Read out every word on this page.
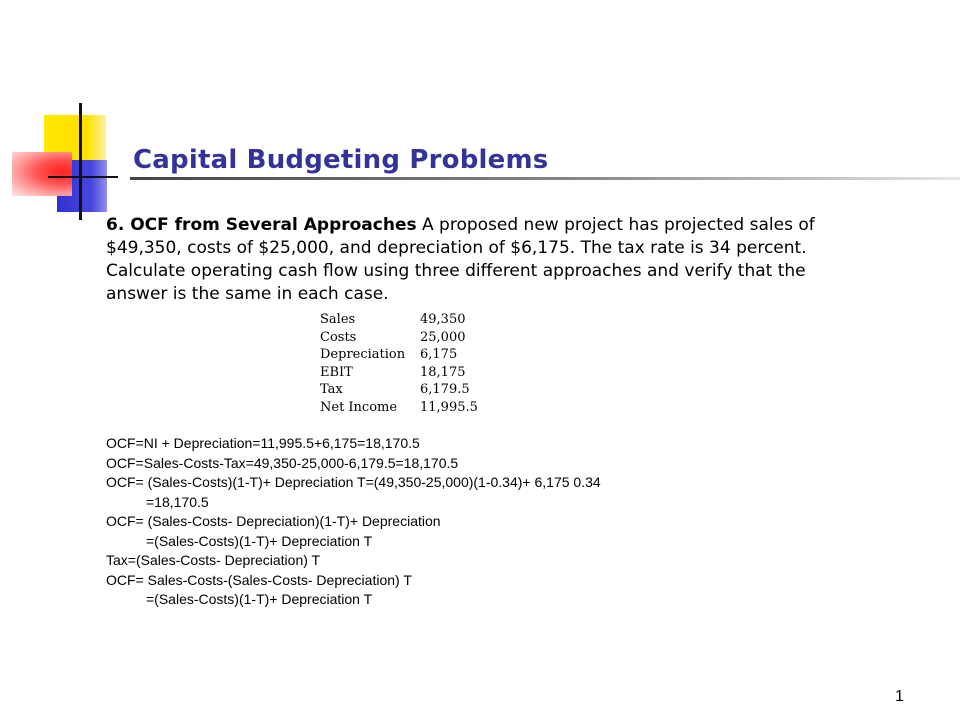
Capital Budgeting Problems

6. OCF from Several Approaches A proposed new project has projected sales of $49,350, costs of $25,000, and depreciation of $6,175. The tax rate is 34 percent. Calculate operating cash flow using three different approaches and verify that the answer is the same in each case.

Sales	49,350
Costs	25,000
Depreciation	6,175
EBIT	18,175
Tax	6,179.5
Net Income	11,995.5
OCF=NI + Depreciation=11,995.5+6,175=18,170.5
OCF=Sales-Costs-Tax=49,350-25,000-6,179.5=18,170.5
OCF= (Sales-Costs)(1-T)+ Depreciation T=(49,350-25,000)(1-0.34)+ 6,175 0.34
=18,170.5
OCF= (Sales-Costs- Depreciation)(1-T)+ Depreciation
=(Sales-Costs)(1-T)+ Depreciation T
Tax=(Sales-Costs- Depreciation) T
OCF= Sales-Costs-(Sales-Costs- Depreciation) T
=(Sales-Costs)(1-T)+ Depreciation T
1
